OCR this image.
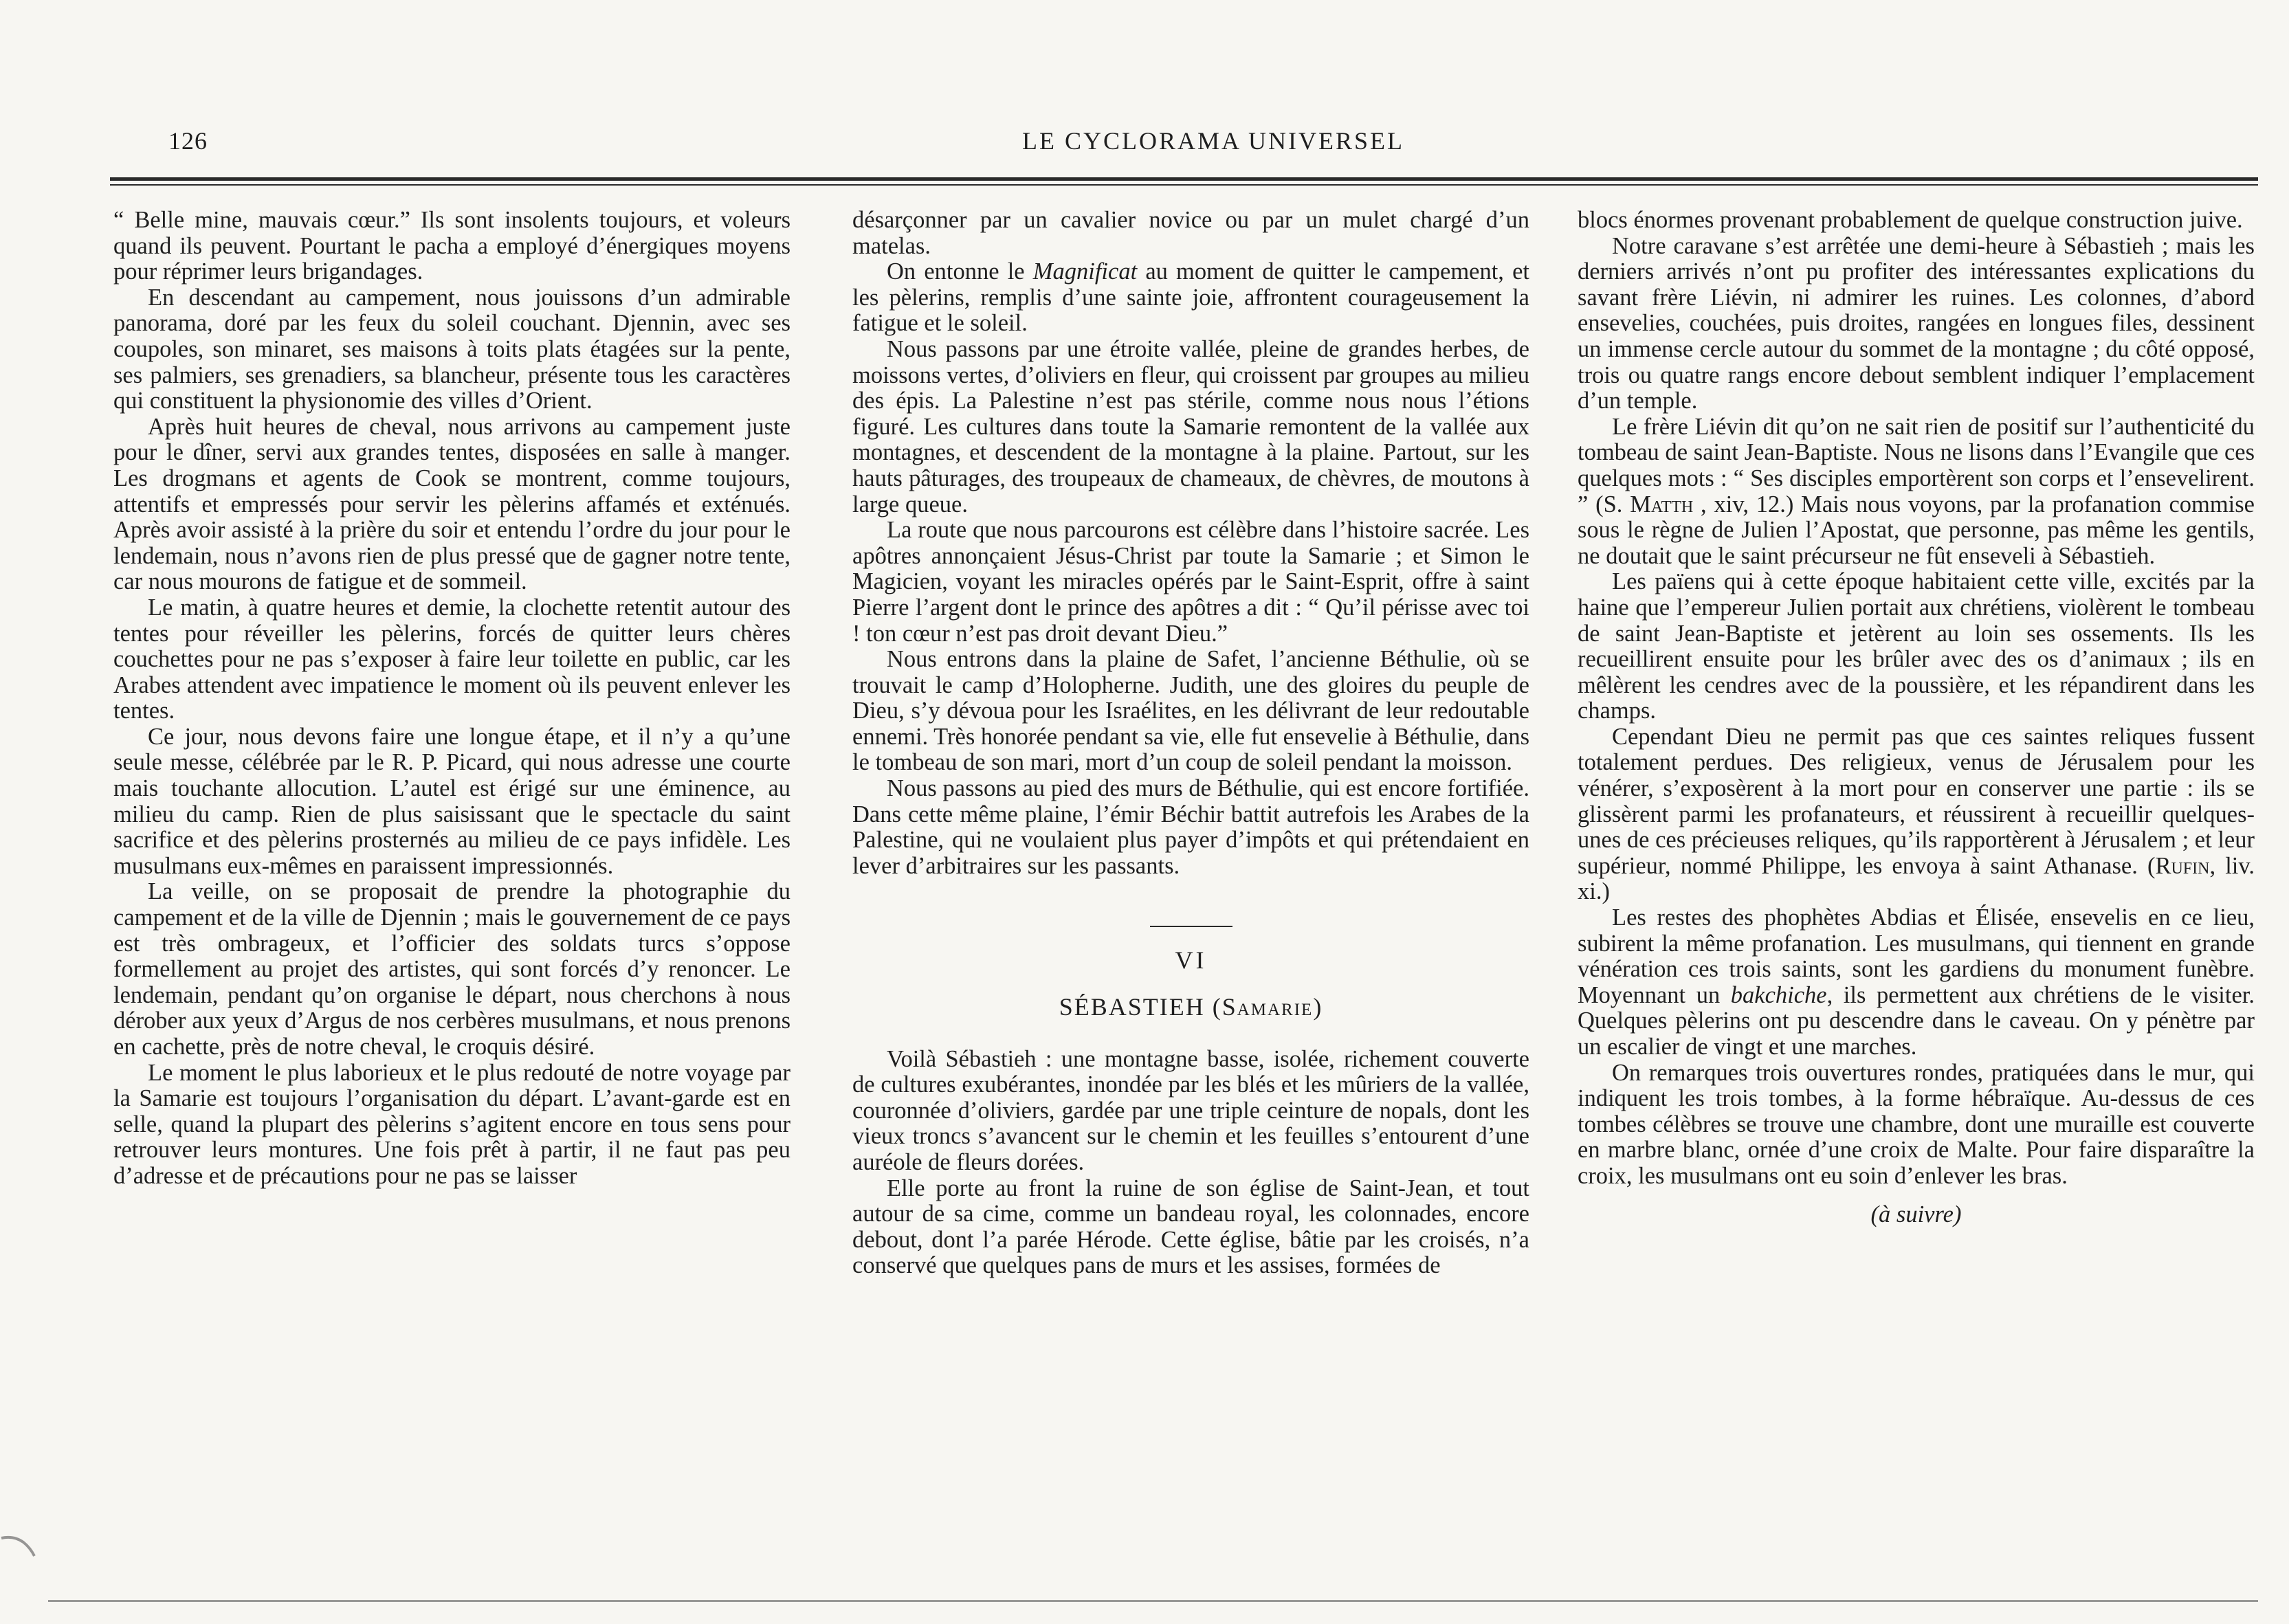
126	LE CYCLORAMA UNIVERSEL

“ Belle mine, mauvais cœur.” Ils sont insolents toujours, et voleurs quand ils peuvent. Pourtant le pacha a employé d’énergiques moyens pour réprimer leurs brigandages.

En descendant au campement, nous jouissons d’un admirable panorama, doré par les feux du soleil couchant. Djennin, avec ses coupoles, son minaret, ses maisons à toits plats étagées sur la pente, ses palmiers, ses grenadiers, sa blancheur, présente tous les caractères qui constituent la physionomie des villes d’Orient.

Après huit heures de cheval, nous arrivons au campement juste pour le dîner, servi aux grandes tentes, disposées en salle à manger. Les drogmans et agents de Cook se montrent, comme toujours, attentifs et empressés pour servir les pèlerins affamés et exténués. Après avoir assisté à la prière du soir et entendu l’ordre du jour pour le lendemain, nous n’avons rien de plus pressé que de gagner notre tente, car nous mourons de fatigue et de sommeil.

Le matin, à quatre heures et demie, la clochette retentit autour des tentes pour réveiller les pèlerins, forcés de quitter leurs chères couchettes pour ne pas s’exposer à faire leur toilette en public, car les Arabes attendent avec impatience le moment où ils peuvent enlever les tentes.

Ce jour, nous devons faire une longue étape, et il n’y a qu’une seule messe, célébrée par le R. P. Picard, qui nous adresse une courte mais touchante allocution. L’autel est érigé sur une éminence, au milieu du camp. Rien de plus saisissant que le spectacle du saint sacrifice et des pèlerins prosternés au milieu de ce pays infidèle. Les musulmans eux-mêmes en paraissent impressionnés.

La veille, on se proposait de prendre la photographie du campement et de la ville de Djennin ; mais le gouvernement de ce pays est très ombrageux, et l’officier des soldats turcs s’oppose formellement au projet des artistes, qui sont forcés d’y renoncer. Le lendemain, pendant qu’on organise le départ, nous cherchons à nous dérober aux yeux d’Argus de nos cerbères musulmans, et nous prenons en cachette, près de notre cheval, le croquis désiré.

Le moment le plus laborieux et le plus redouté de notre voyage par la Samarie est toujours l’organisation du départ. L’avant-garde est en selle, quand la plupart des pèlerins s’agitent encore en tous sens pour retrouver leurs montures. Une fois prêt à partir, il ne faut pas peu d’adresse et de précautions pour ne pas se laisser

désarçonner par un cavalier novice ou par un mulet chargé d’un matelas.

On entonne le Magnificat au moment de quitter le campement, et les pèlerins, remplis d’une sainte joie, affrontent courageusement la fatigue et le soleil.

Nous passons par une étroite vallée, pleine de grandes herbes, de moissons vertes, d’oliviers en fleur, qui croissent par groupes au milieu des épis. La Palestine n’est pas stérile, comme nous nous l’étions figuré. Les cultures dans toute la Samarie remontent de la vallée aux montagnes, et descendent de la montagne à la plaine. Partout, sur les hauts pâturages, des troupeaux de chameaux, de chèvres, de moutons à large queue.

La route que nous parcourons est célèbre dans l’histoire sacrée. Les apôtres annonçaient Jésus-Christ par toute la Samarie ; et Simon le Magicien, voyant les miracles opérés par le Saint-Esprit, offre à saint Pierre l’argent dont le prince des apôtres a dit : “ Qu’il périsse avec toi ! ton cœur n’est pas droit devant Dieu.”

Nous entrons dans la plaine de Safet, l’ancienne Béthulie, où se trouvait le camp d’Holopherne. Judith, une des gloires du peuple de Dieu, s’y dévoua pour les Israélites, en les délivrant de leur redoutable ennemi. Très honorée pendant sa vie, elle fut ensevelie à Béthulie, dans le tombeau de son mari, mort d’un coup de soleil pendant la moisson.

Nous passons au pied des murs de Béthulie, qui est encore fortifiée. Dans cette même plaine, l’émir Béchir battit autrefois les Arabes de la Palestine, qui ne voulaient plus payer d’impôts et qui prétendaient en lever d’arbitraires sur les passants.

VI
SÉBASTIEH (Samarie)

Voilà Sébastieh : une montagne basse, isolée, richement couverte de cultures exubérantes, inondée par les blés et les mûriers de la vallée, couronnée d’oliviers, gardée par une triple ceinture de nopals, dont les vieux troncs s’avancent sur le chemin et les feuilles s’entourent d’une auréole de fleurs dorées.

Elle porte au front la ruine de son église de Saint-Jean, et tout autour de sa cime, comme un bandeau royal, les colonnades, encore debout, dont l’a parée Hérode. Cette église, bâtie par les croisés, n’a conservé que quelques pans de murs et les assises, formées de

blocs énormes provenant probablement de quelque construction juive.

Notre caravane s’est arrêtée une demi-heure à Sébastieh ; mais les derniers arrivés n’ont pu profiter des intéressantes explications du savant frère Liévin, ni admirer les ruines. Les colonnes, d’abord ensevelies, couchées, puis droites, rangées en longues files, dessinent un immense cercle autour du sommet de la montagne ; du côté opposé, trois ou quatre rangs encore debout semblent indiquer l’emplacement d’un temple.

Le frère Liévin dit qu’on ne sait rien de positif sur l’authenticité du tombeau de saint Jean-Baptiste. Nous ne lisons dans l’Evangile que ces quelques mots : “ Ses disciples emportèrent son corps et l’ensevelirent. ” (S. Matth , xiv, 12.) Mais nous voyons, par la profanation commise sous le règne de Julien l’Apostat, que personne, pas même les gentils, ne doutait que le saint précurseur ne fût enseveli à Sébastieh.

Les païens qui à cette époque habitaient cette ville, excités par la haine que l’empereur Julien portait aux chrétiens, violèrent le tombeau de saint Jean-Baptiste et jetèrent au loin ses ossements. Ils les recueillirent ensuite pour les brûler avec des os d’animaux ; ils en mêlèrent les cendres avec de la poussière, et les répandirent dans les champs.

Cependant Dieu ne permit pas que ces saintes reliques fussent totalement perdues. Des religieux, venus de Jérusalem pour les vénérer, s’exposèrent à la mort pour en conserver une partie : ils se glissèrent parmi les profanateurs, et réussirent à recueillir quelques-unes de ces précieuses reliques, qu’ils rapportèrent à Jérusalem ; et leur supérieur, nommé Philippe, les envoya à saint Athanase. (Rufin, liv. xi.)

Les restes des phophètes Abdias et Élisée, ensevelis en ce lieu, subirent la même profanation. Les musulmans, qui tiennent en grande vénération ces trois saints, sont les gardiens du monument funèbre. Moyennant un bakchiche, ils permettent aux chrétiens de le visiter. Quelques pèlerins ont pu descendre dans le caveau. On y pénètre par un escalier de vingt et une marches.

On remarques trois ouvertures rondes, pratiquées dans le mur, qui indiquent les trois tombes, à la forme hébraïque. Au-dessus de ces tombes célèbres se trouve une chambre, dont une muraille est couverte en marbre blanc, ornée d’une croix de Malte. Pour faire disparaître la croix, les musulmans ont eu soin d’enlever les bras.

(à suivre)
